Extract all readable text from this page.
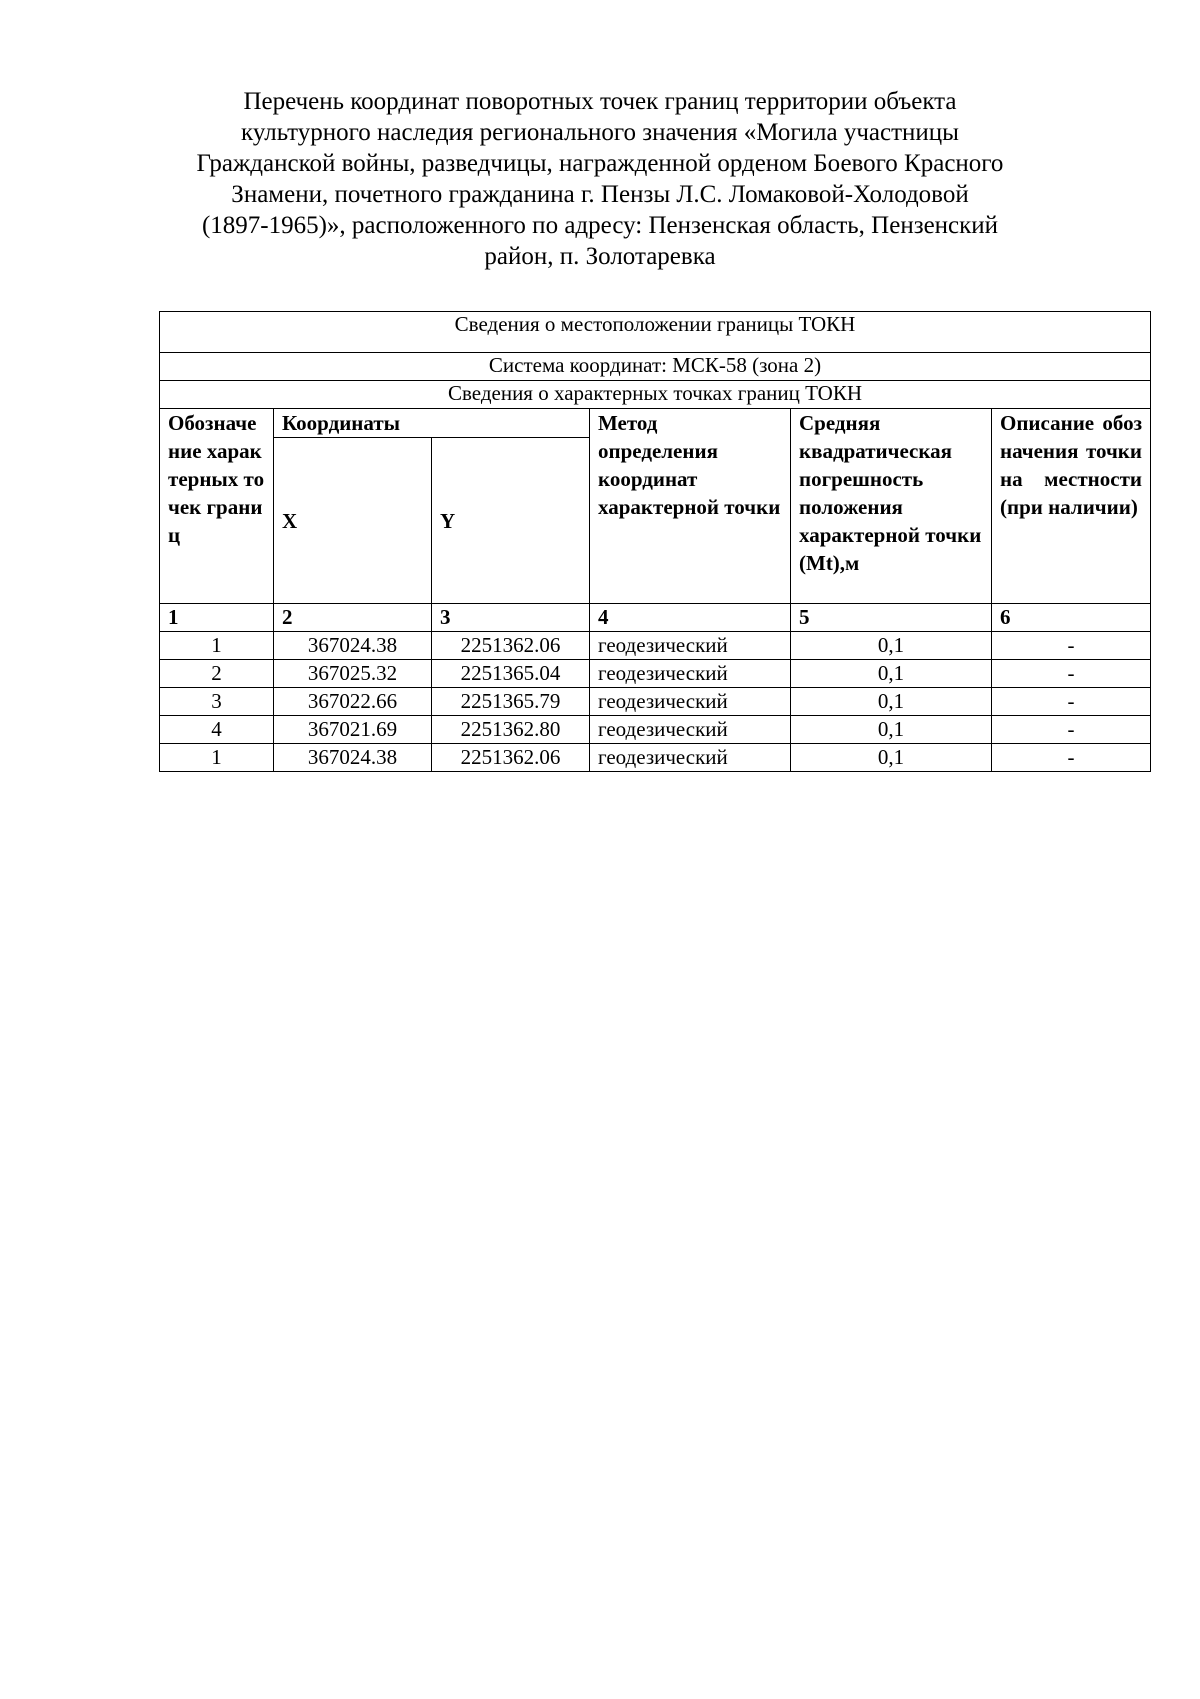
Перечень координат поворотных точек границ территории объекта
культурного наследия регионального значения «Могила участницы
Гражданской войны, разведчицы, награжденной орденом Боевого Красного
Знамени, почетного гражданина г. Пензы Л.С. Ломаковой-Холодовой
(1897-1965)», расположенного по адресу: Пензенская область, Пензенский
район, п. Золотаревка
Сведения о местоположении границы ТОКН					
Система координат: МСК-58 (зона 2)					
Сведения о характерных точках границ ТОКН					
Обозначение характерных точек границ	Координаты		Метод определения координат характерной точки	Средняя квадратическая погрешность положения характерной точки (Mt),м	Описание обозначения точки на местности (при наличии)
	X	Y			
1	2	3	4	5	6
1	367024.38	2251362.06	геодезический	0,1	-
2	367025.32	2251365.04	геодезический	0,1	-
3	367022.66	2251365.79	геодезический	0,1	-
4	367021.69	2251362.80	геодезический	0,1	-
1	367024.38	2251362.06	геодезический	0,1	-
